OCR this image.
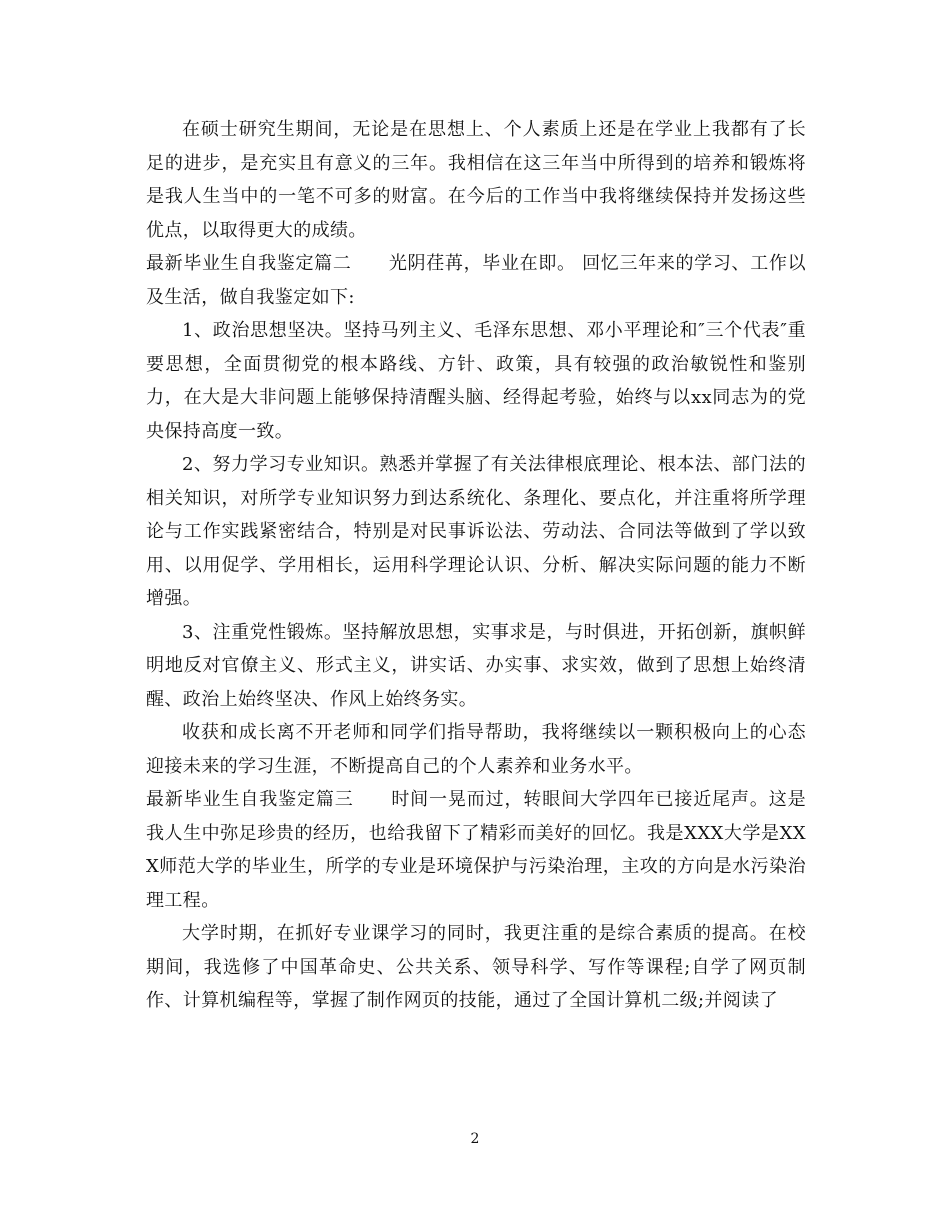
在硕士研究生期间，无论是在思想上、个人素质上还是在学业上我都有了长足的进步，是充实且有意义的三年。我相信在这三年当中所得到的培养和锻炼将是我人生当中的一笔不可多的财富。在今后的工作当中我将继续保持并发扬这些优点，以取得更大的成绩。

最新毕业生自我鉴定篇二　　光阴荏苒，毕业在即。 回忆三年来的学习、工作以及生活，做自我鉴定如下:

1、政治思想坚决。坚持马列主义、毛泽东思想、邓小平理论和″三个代表″重要思想，全面贯彻党的根本路线、方针、政策，具有较强的政治敏锐性和鉴别力，在大是大非问题上能够保持清醒头脑、经得起考验，始终与以xx同志为的党央保持高度一致。

2、努力学习专业知识。熟悉并掌握了有关法律根底理论、根本法、部门法的相关知识，对所学专业知识努力到达系统化、条理化、要点化，并注重将所学理论与工作实践紧密结合，特别是对民事诉讼法、劳动法、合同法等做到了学以致用、以用促学、学用相长，运用科学理论认识、分析、解决实际问题的能力不断增强。

3、注重党性锻炼。坚持解放思想，实事求是，与时俱进，开拓创新，旗帜鲜明地反对官僚主义、形式主义，讲实话、办实事、求实效，做到了思想上始终清醒、政治上始终坚决、作风上始终务实。

收获和成长离不开老师和同学们指导帮助，我将继续以一颗积极向上的心态迎接未来的学习生涯，不断提高自己的个人素养和业务水平。

最新毕业生自我鉴定篇三　　时间一晃而过，转眼间大学四年已接近尾声。这是我人生中弥足珍贵的经历，也给我留下了精彩而美好的回忆。我是XXX大学是XXX师范大学的毕业生，所学的专业是环境保护与污染治理，主攻的方向是水污染治理工程。

大学时期，在抓好专业课学习的同时，我更注重的是综合素质的提高。在校期间，我选修了中国革命史、公共关系、领导科学、写作等课程;自学了网页制作、计算机编程等，掌握了制作网页的技能，通过了全国计算机二级;并阅读了

2
